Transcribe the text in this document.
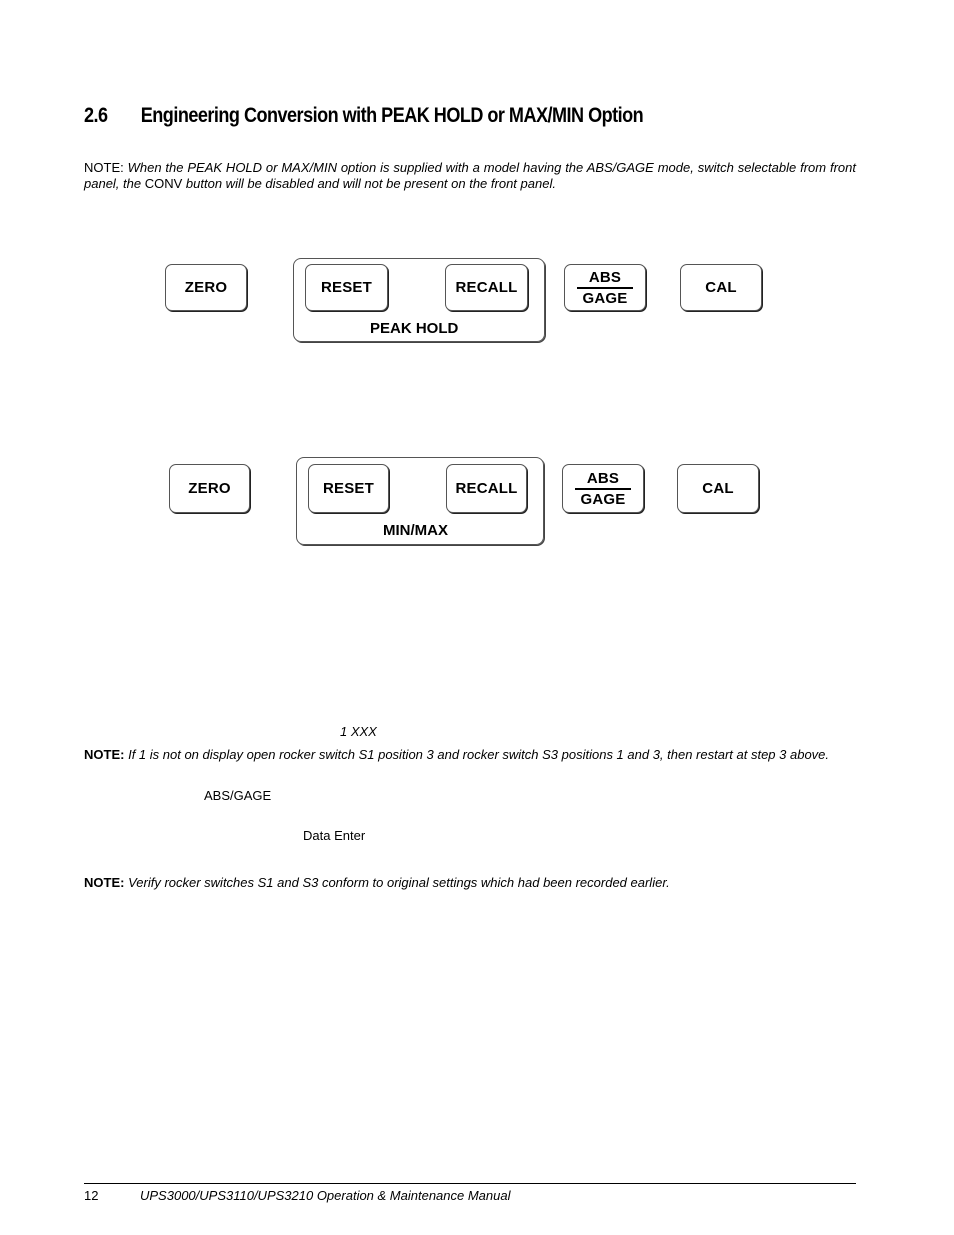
2.6 Engineering Conversion with PEAK HOLD or MAX/MIN Option
NOTE: When the PEAK HOLD or MAX/MIN option is supplied with a model having the ABS/GAGE mode, switch selectable from front panel, the CONV button will be disabled and will not be present on the front panel.
ZERO	RESET	RECALL
PEAK HOLD
ABS
GAGE
CAL
ZERO	RESET	RECALL
MIN/MAX
ABS
GAGE
CAL
1 XXX
NOTE: If 1 is not on display open rocker switch S1 position 3 and rocker switch S3 positions 1 and 3, then restart at step 3 above.
ABS/GAGE
Data Enter
NOTE: Verify rocker switches S1 and S3 conform to original settings which had been recorded earlier.
12	UPS3000/UPS3110/UPS3210 Operation & Maintenance Manual
